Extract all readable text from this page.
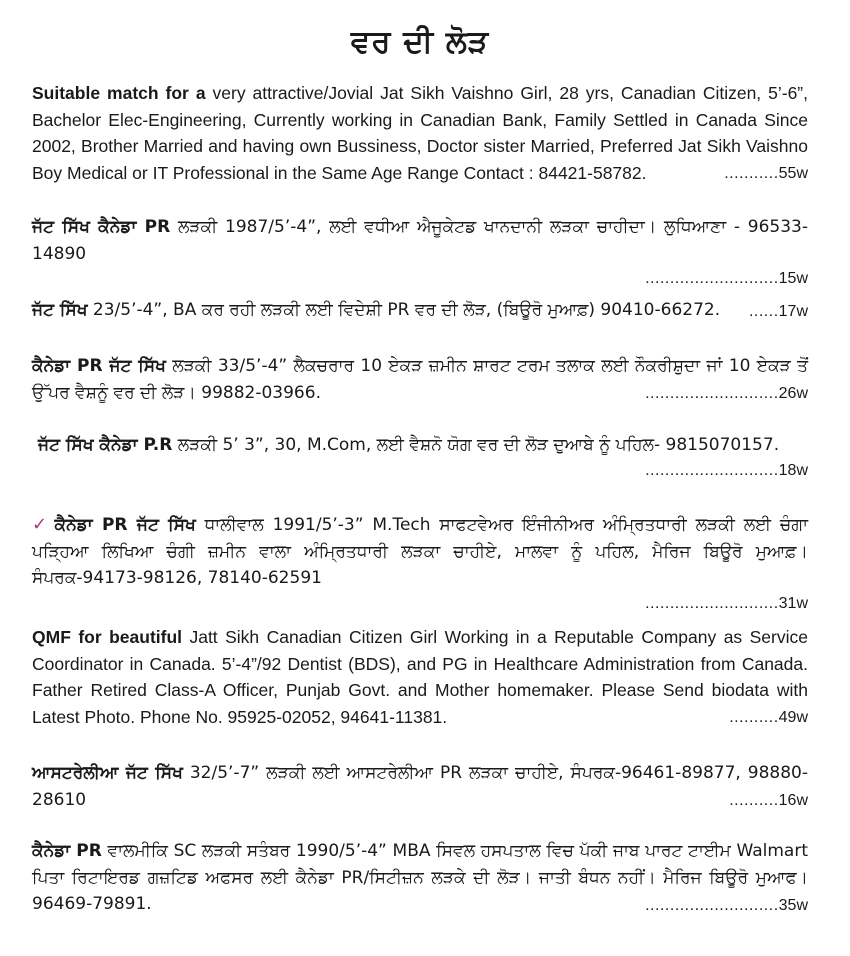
ਵਰ ਦੀ ਲੋੜ

Suitable match for a very attractive/Jovial Jat Sikh Vaishno Girl, 28 yrs, Canadian Citizen, 5’-6”, Bachelor Elec-Engineering, Currently working in Canadian Bank, Family Settled in Canada Since 2002, Brother Married and having own Bussiness, Doctor sister Married, Preferred Jat Sikh Vaishno Boy Medical or IT Professional in the Same Age Range Contact : 84421-58782.	........... 55w

ਜੱਟ ਸਿੱਖ ਕੈਨੇਡਾ PR ਲੜਕੀ 1987/5’-4”, ਲਈ ਵਧੀਆ ਐਜੂਕੇਟਡ ਖਾਨਦਾਨੀ ਲੜਕਾ ਚਾਹੀਦਾ। ਲੁਧਿਆਣਾ - 96533-14890

........................... 15w

ਜੱਟ ਸਿੱਖ 23/5’-4”, BA ਕਰ ਰਹੀ ਲੜਕੀ ਲਈ ਵਿਦੇਸ਼ੀ PR ਵਰ ਦੀ ਲੋੜ, (ਬਿਊਰੋ ਮੁਆਫ਼) 90410-66272.	...... 17w

ਕੈਨੇਡਾ PR ਜੱਟ ਸਿੱਖ ਲੜਕੀ 33/5’-4” ਲੈਕਚਰਾਰ 10 ਏਕੜ ਜ਼ਮੀਨ ਸ਼ਾਰਟ ਟਰਮ ਤਲਾਕ ਲਈ ਨੌਕਰੀਸ਼ੁਦਾ ਜਾਂ 10 ਏਕੜ ਤੋਂ ਉੱਪਰ ਵੈਸ਼ਨੂੰ ਵਰ ਦੀ ਲੋੜ। 99882-03966.	........................... 26w

ਜੱਟ ਸਿੱਖ ਕੈਨੇਡਾ P.R ਲੜਕੀ 5’ 3”, 30, M.Com, ਲਈ ਵੈਸ਼ਨੋ ਯੋਗ ਵਰ ਦੀ ਲੋੜ ਦੁਆਬੇ ਨੂੰ ਪਹਿਲ- 9815070157.

........................... 18w

✓ ਕੈਨੇਡਾ PR ਜੱਟ ਸਿੱਖ ਧਾਲੀਵਾਲ 1991/5’-3” M.Tech ਸਾਫਟਵੇਅਰ ਇੰਜੀਨੀਅਰ ਅੰਮ੍ਰਿਤਧਾਰੀ ਲੜਕੀ ਲਈ ਚੰਗਾ ਪੜ੍ਹਿਆ ਲਿਖਿਆ ਚੰਗੀ ਜ਼ਮੀਨ ਵਾਲਾ ਅੰਮ੍ਰਿਤਧਾਰੀ ਲੜਕਾ ਚਾਹੀਏ, ਮਾਲਵਾ ਨੂੰ ਪਹਿਲ, ਮੈਰਿਜ ਬਿਊਰੋ ਮੁਆਫ਼। ਸੰਪਰਕ-94173-98126, 78140-62591

........................... 31w

QMF for beautiful Jatt Sikh Canadian Citizen Girl Working in a Reputable Company as Service Coordinator in Canada. 5’-4”/92 Dentist (BDS), and PG in Healthcare Administration from Canada. Father Retired Class-A Officer, Punjab Govt. and Mother homemaker. Please Send biodata with Latest Photo. Phone No. 95925-02052, 94641-11381.	.......... 49w

ਆਸਟਰੇਲੀਆ ਜੱਟ ਸਿੱਖ 32/5’-7” ਲੜਕੀ ਲਈ ਆਸਟਰੇਲੀਆ PR ਲੜਕਾ ਚਾਹੀਏ, ਸੰਪਰਕ-96461-89877, 98880-28610	.......... 16w

ਕੈਨੇਡਾ PR ਵਾਲਮੀਕਿ SC ਲੜਕੀ ਸਤੰਬਰ 1990/5’-4” MBA ਸਿਵਲ ਹਸਪਤਾਲ ਵਿਚ ਪੱਕੀ ਜਾਬ ਪਾਰਟ ਟਾਈਮ Walmart ਪਿਤਾ ਰਿਟਾਇਰਡ ਗਜ਼ਟਿਡ ਅਫਸਰ ਲਈ ਕੈਨੇਡਾ PR/ਸਿਟੀਜ਼ਨ ਲੜਕੇ ਦੀ ਲੋੜ। ਜਾਤੀ ਬੰਧਨ ਨਹੀਂ। ਮੈਰਿਜ ਬਿਊਰੋ ਮੁਆਫ। 96469-79891.	........................... 35w
